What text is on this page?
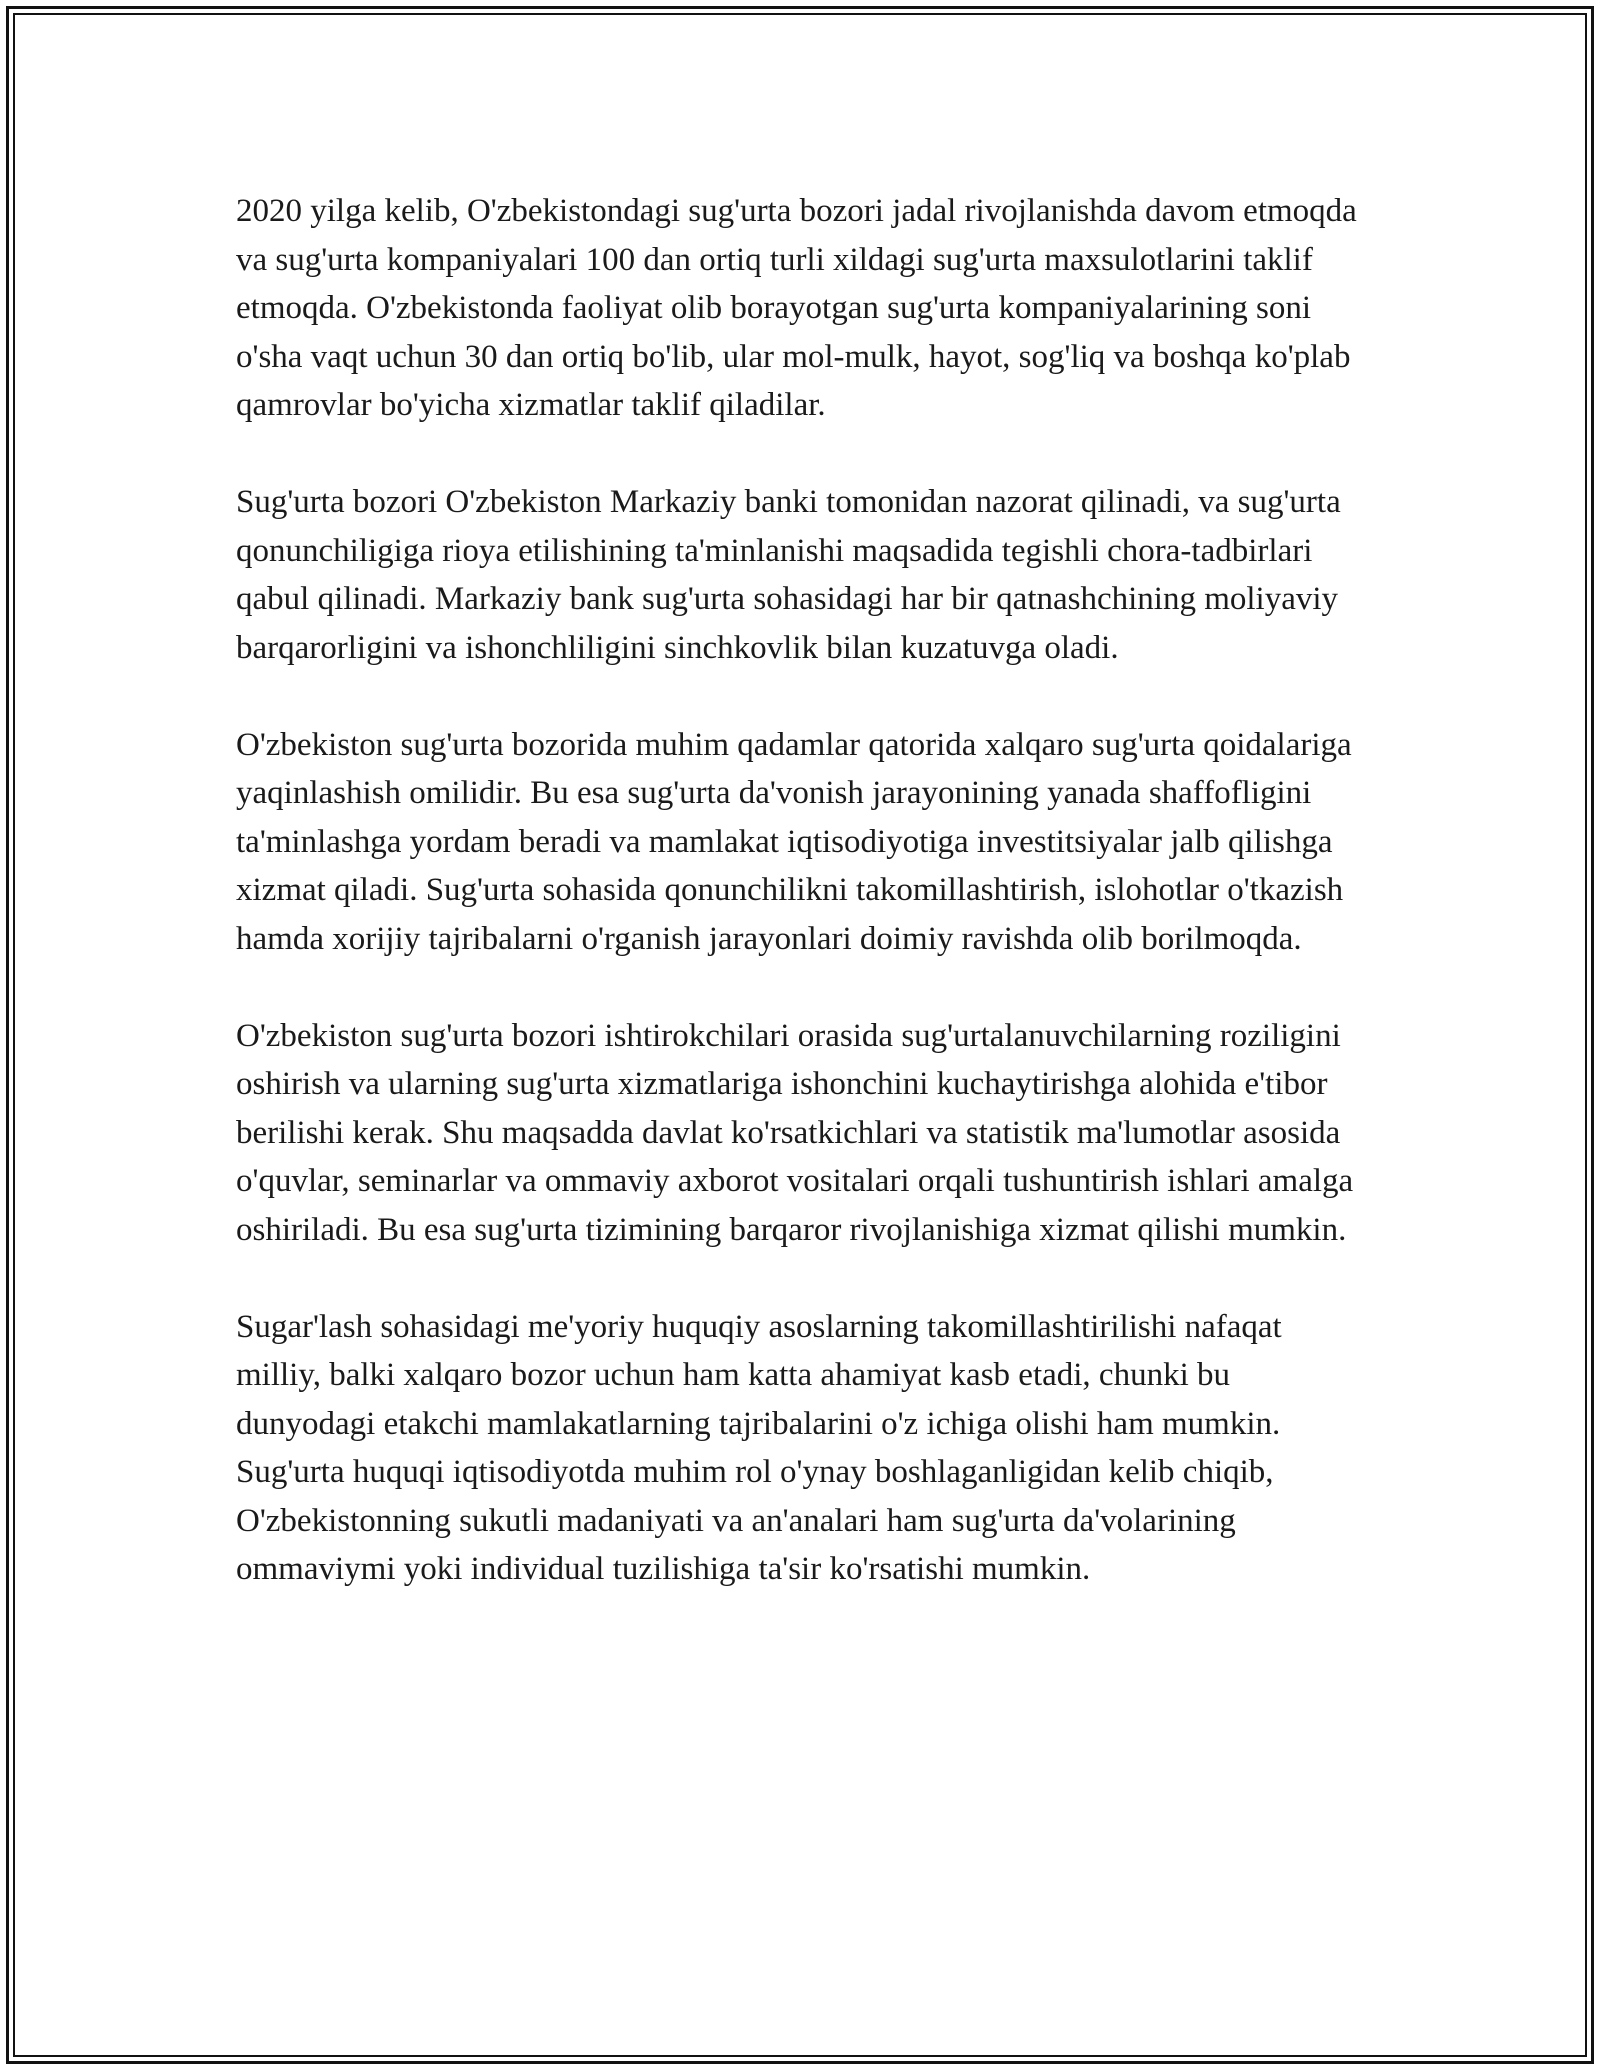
2020 yilga kelib, O'zbekistondagi sug'urta bozori jadal rivojlanishda davom etmoqda va sug'urta kompaniyalari 100 dan ortiq turli xildagi sug'urta maxsulotlarini taklif etmoqda. O'zbekistonda faoliyat olib borayotgan sug'urta kompaniyalarining soni o'sha vaqt uchun 30 dan ortiq bo'lib, ular mol-mulk, hayot, sog'liq va boshqa ko'plab qamrovlar bo'yicha xizmatlar taklif qiladilar.

Sug'urta bozori O'zbekiston Markaziy banki tomonidan nazorat qilinadi, va sug'urta qonunchiligiga rioya etilishining ta'minlanishi maqsadida tegishli chora-tadbirlari qabul qilinadi. Markaziy bank sug'urta sohasidagi har bir qatnashchining moliyaviy barqarorligini va ishonchliligini sinchkovlik bilan kuzatuvga oladi.

O'zbekiston sug'urta bozorida muhim qadamlar qatorida xalqaro sug'urta qoidalariga yaqinlashish omilidir. Bu esa sug'urta da'vonish jarayonining yanada shaffofligini ta'minlashga yordam beradi va mamlakat iqtisodiyotiga investitsiyalar jalb qilishga xizmat qiladi. Sug'urta sohasida qonunchilikni takomillashtirish, islohotlar o'tkazish hamda xorijiy tajribalarni o'rganish jarayonlari doimiy ravishda olib borilmoqda.

O'zbekiston sug'urta bozori ishtirokchilari orasida sug'urtalanuvchilarning roziligini oshirish va ularning sug'urta xizmatlariga ishonchini kuchaytirishga alohida e'tibor berilishi kerak. Shu maqsadda davlat ko'rsatkichlari va statistik ma'lumotlar asosida o'quvlar, seminarlar va ommaviy axborot vositalari orqali tushuntirish ishlari amalga oshiriladi. Bu esa sug'urta tizimining barqaror rivojlanishiga xizmat qilishi mumkin.

Sugar'lash sohasidagi me'yoriy huquqiy asoslarning takomillashtirilishi nafaqat milliy, balki xalqaro bozor uchun ham katta ahamiyat kasb etadi, chunki bu dunyodagi etakchi mamlakatlarning tajribalarini o'z ichiga olishi ham mumkin. Sug'urta huquqi iqtisodiyotda muhim rol o'ynay boshlaganligidan kelib chiqib, O'zbekistonning sukutli madaniyati va an'analari ham sug'urta da'volarining ommaviymi yoki individual tuzilishiga ta'sir ko'rsatishi mumkin.
